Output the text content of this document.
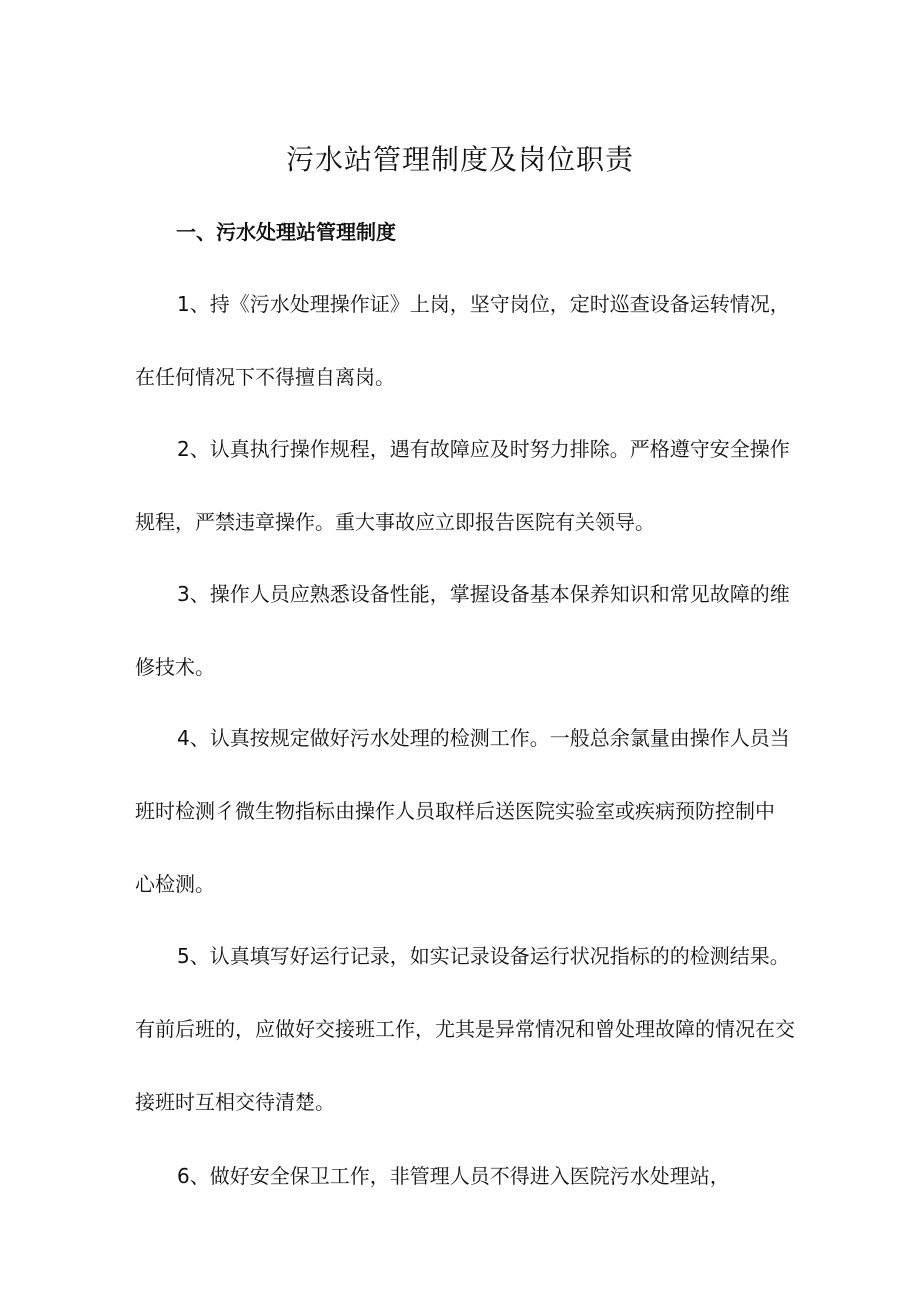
污水站管理制度及岗位职责
一、污水处理站管理制度
1、持《污水处理操作证》上岗，坚守岗位，定时巡查设备运转情况，
在任何情况下不得擅自离岗。
2、认真执行操作规程，遇有故障应及时努力排除。严格遵守安全操作
规程，严禁违章操作。重大事故应立即报告医院有关领导。
3、操作人员应熟悉设备性能，掌握设备基本保养知识和常见故障的维
修技术。
4、认真按规定做好污水处理的检测工作。一般总余氯量由操作人员当
班时检测彳微生物指标由操作人员取样后送医院实验室或疾病预防控制中
心检测。
5、认真填写好运行记录，如实记录设备运行状况指标的的检测结果。
有前后班的，应做好交接班工作，尤其是异常情况和曾处理故障的情况在交
接班时互相交待清楚。
6、做好安全保卫工作，非管理人员不得进入医院污水处理站，
